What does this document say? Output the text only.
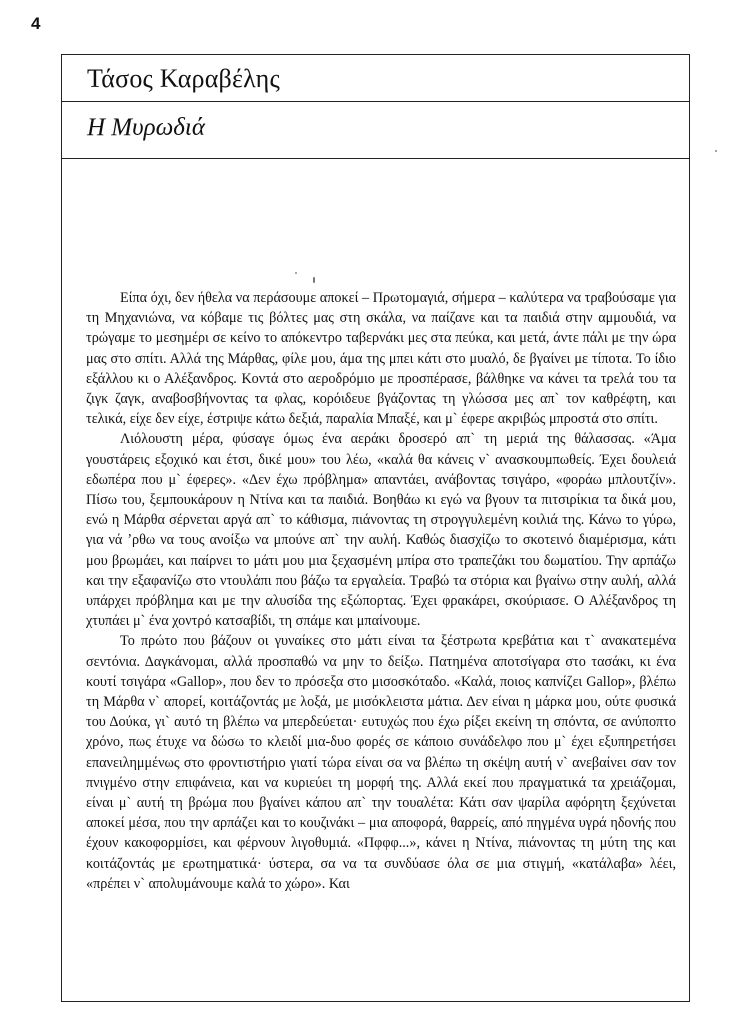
4
Τάσος Καραβέλης
Η Μυρωδιά

Είπα όχι, δεν ήθελα να περάσουμε αποκεί – Πρωτομαγιά, σήμερα – καλύτερα να τραβούσαμε για τη Μηχανιώνα, να κόβαμε τις βόλτες μας στη σκάλα, να παίζανε και τα παιδιά στην αμμουδιά, να τρώγαμε το μεσημέρι σε κείνο το απόκεντρο ταβερνάκι μες στα πεύκα, και μετά, άντε πάλι με την ώρα μας στο σπίτι. Αλλά της Μάρθας, φίλε μου, άμα της μπει κάτι στο μυαλό, δε βγαίνει με τίποτα. Το ίδιο εξάλλου κι ο Αλέξανδρος. Κοντά στο αεροδρόμιο με προσπέρασε, βάλθηκε να κάνει τα τρελά του τα ζιγκ ζαγκ, αναβοσβήνοντας τα φλας, κορόιδευε βγάζοντας τη γλώσσα μες απ` τον καθρέφτη, και τελικά, είχε δεν είχε, έστριψε κάτω δεξιά, παραλία Μπαξέ, και μ` έφερε ακριβώς μπροστά στο σπίτι.

Λιόλουστη μέρα, φύσαγε όμως ένα αεράκι δροσερό απ` τη μεριά της θάλασσας. «Άμα γουστάρεις εξοχικό και έτσι, δικέ μου» του λέω, «καλά θα κάνεις ν` ανασκουμπωθείς. Έχει δουλειά εδωπέρα που μ` έφερες». «Δεν έχω πρόβλημα» απαντάει, ανάβοντας τσιγάρο, «φοράω μπλουτζίν». Πίσω του, ξεμπουκάρουν η Ντίνα και τα παιδιά. Βοηθάω κι εγώ να βγουν τα πιτσιρίκια τα δικά μου, ενώ η Μάρθα σέρνεται αργά απ` το κάθισμα, πιάνοντας τη στρογγυλεμένη κοιλιά της. Κάνω το γύρω, για νά ʼρθω να τους ανοίξω να μπούνε απ` την αυλή. Καθώς διασχίζω το σκοτεινό διαμέρισμα, κάτι μου βρωμάει, και παίρνει το μάτι μου μια ξεχασμένη μπίρα στο τραπεζάκι του δωματίου. Την αρπάζω και την εξαφανίζω στο ντουλάπι που βάζω τα εργαλεία. Τραβώ τα στόρια και βγαίνω στην αυλή, αλλά υπάρχει πρόβλημα και με την αλυσίδα της εξώπορτας. Έχει φρακάρει, σκούριασε. Ο Αλέξανδρος τη χτυπάει μ` ένα χοντρό κατσαβίδι, τη σπάμε και μπαίνουμε.

Το πρώτο που βάζουν οι γυναίκες στο μάτι είναι τα ξέστρωτα κρεβάτια και τ` ανακατεμένα σεντόνια. Δαγκάνομαι, αλλά προσπαθώ να μην το δείξω. Πατημένα αποτσίγαρα στο τασάκι, κι ένα κουτί τσιγάρα «Gallop», που δεν το πρόσεξα στο μισοσκόταδο. «Καλά, ποιος καπνίζει Gallop», βλέπω τη Μάρθα ν` απορεί, κοιτάζοντάς με λοξά, με μισόκλειστα μάτια. Δεν είναι η μάρκα μου, ούτε φυσικά του Δούκα, γι` αυτό τη βλέπω να μπερδεύεται· ευτυχώς που έχω ρίξει εκείνη τη σπόντα, σε ανύποπτο χρόνο, πως έτυχε να δώσω το κλειδί μια-δυο φορές σε κάποιο συνάδελφο που μ` έχει εξυπηρετήσει επανειλημμένως στο φροντιστήριο γιατί τώρα είναι σα να βλέπω τη σκέψη αυτή ν` ανεβαίνει σαν τον πνιγμένο στην επιφάνεια, και να κυριεύει τη μορφή της. Αλλά εκεί που πραγματικά τα χρειάζομαι, είναι μ` αυτή τη βρώμα που βγαίνει κάπου απ` την τουαλέτα: Κάτι σαν ψαρίλα αφόρητη ξεχύνεται αποκεί μέσα, που την αρπάζει και το κουζινάκι – μια αποφορά, θαρρείς, από πηγμένα υγρά ηδονής που έχουν κακοφορμίσει, και φέρνουν λιγοθυμιά. «Πφφφ...», κάνει η Ντίνα, πιάνοντας τη μύτη της και κοιτάζοντάς με ερωτηματικά· ύστερα, σα να τα συνδύασε όλα σε μια στιγμή, «κατάλαβα» λέει, «πρέπει ν` απολυμάνουμε καλά το χώρο». Και
